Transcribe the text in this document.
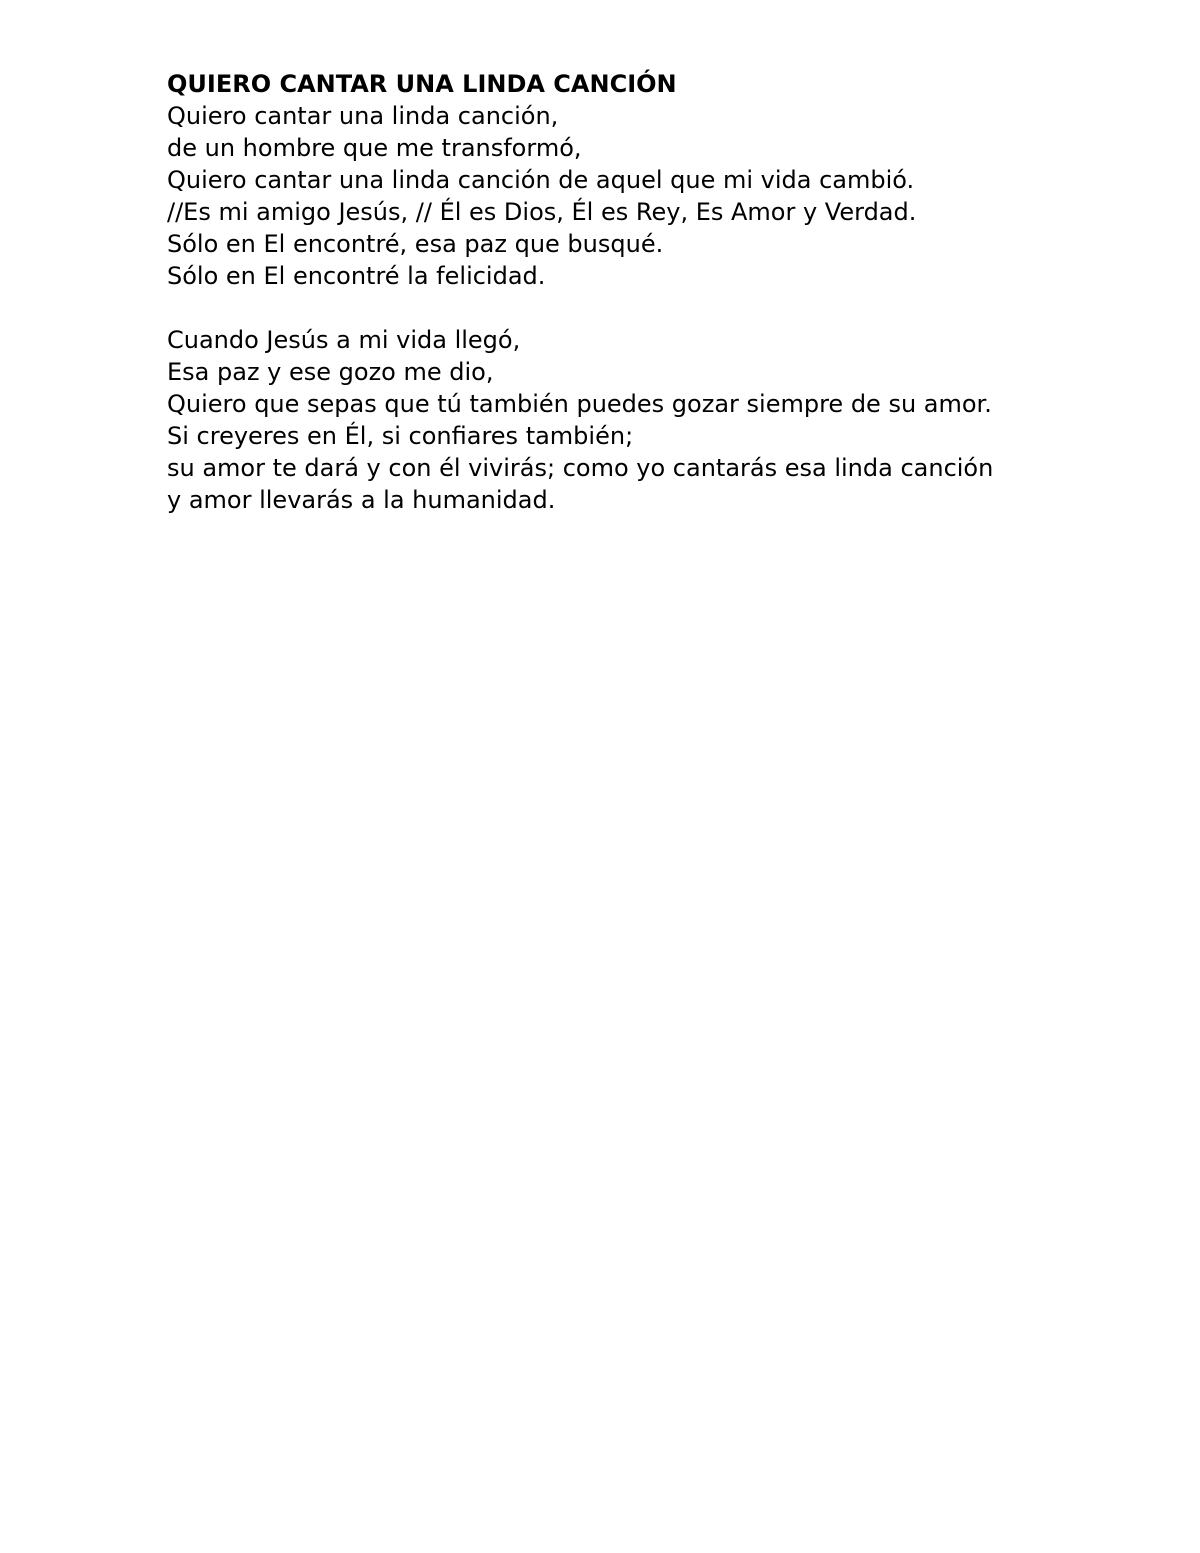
QUIERO CANTAR UNA LINDA CANCIÓN

Quiero cantar una linda canción,

de un hombre que me transformó,

Quiero cantar una linda canción de aquel que mi vida cambió.

//Es mi amigo Jesús, // Él es Dios, Él es Rey, Es Amor y Verdad.

Sólo en El encontré, esa paz que busqué.

Sólo en El encontré la felicidad.

Cuando Jesús a mi vida llegó,

Esa paz y ese gozo me dio,

Quiero que sepas que tú también puedes gozar siempre de su amor.

Si creyeres en Él, si confiares también;

su amor te dará y con él vivirás; como yo cantarás esa linda canción

y amor llevarás a la humanidad.
